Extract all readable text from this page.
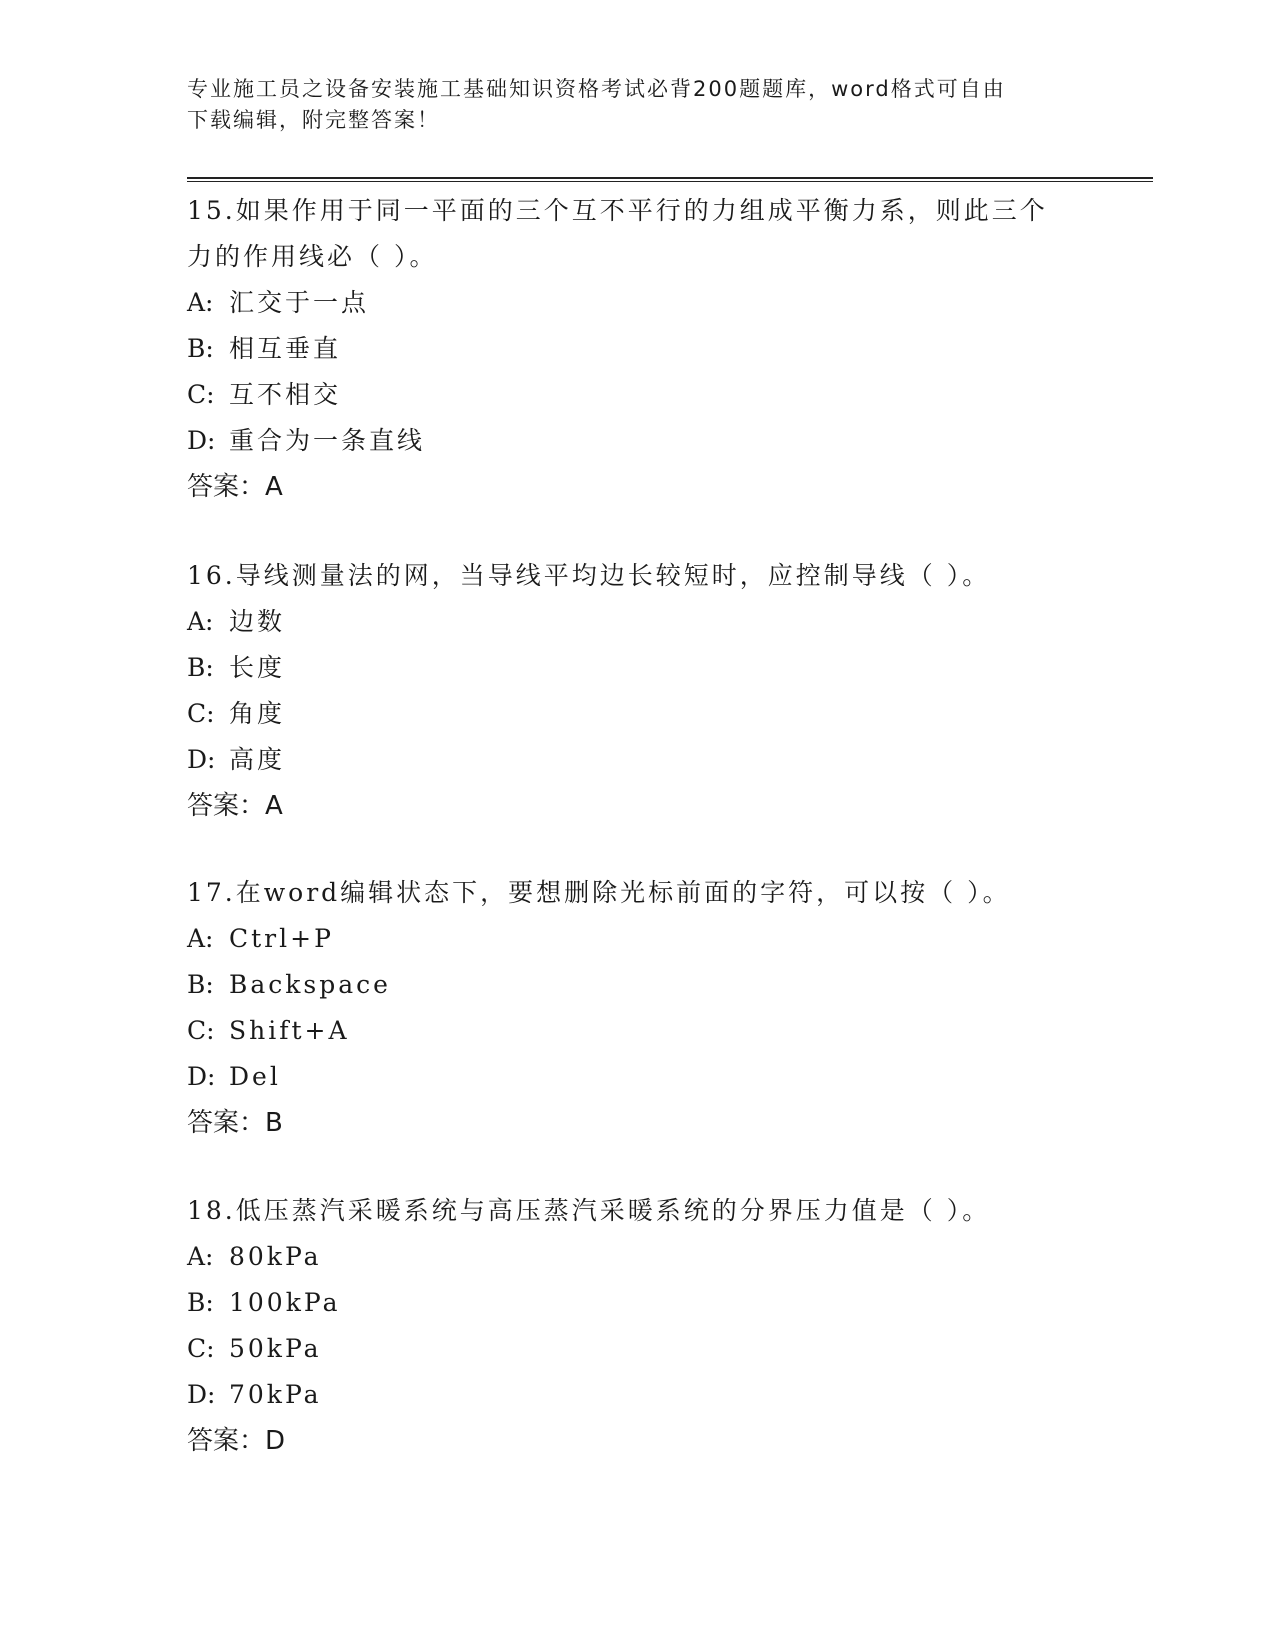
专业施工员之设备安装施工基础知识资格考试必背200题题库，word格式可自由
下载编辑，附完整答案！

15.如果作用于同一平面的三个互不平行的力组成平衡力系，则此三个

力的作用线必（ ）。

A: 汇交于一点

B: 相互垂直

C: 互不相交

D: 重合为一条直线

答案：A

16.导线测量法的网，当导线平均边长较短时，应控制导线（ ）。

A: 边数

B: 长度

C: 角度

D: 高度

答案：A

17.在word编辑状态下，要想删除光标前面的字符，可以按（ ）。

A: Ctrl+P

B: Backspace

C: Shift+A

D: Del

答案：B

18.低压蒸汽采暖系统与高压蒸汽采暖系统的分界压力值是（ ）。

A: 80kPa

B: 100kPa

C: 50kPa

D: 70kPa

答案：D
